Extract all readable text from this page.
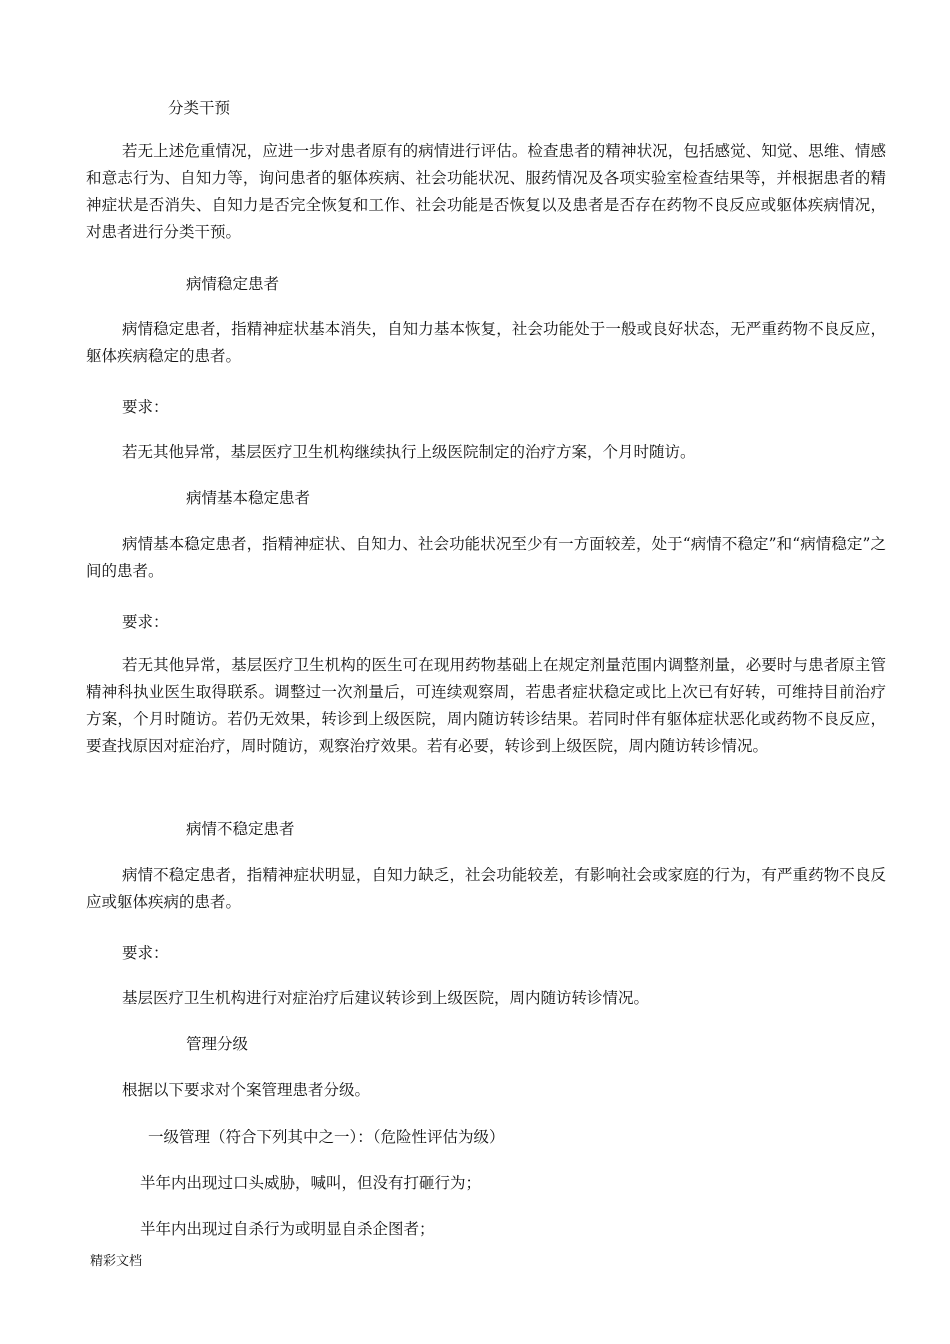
分类干预
若无上述危重情况，应进一步对患者原有的病情进行评估。检查患者的精神状况，包括感觉、知觉、思维、情感和意志行为、自知力等，询问患者的躯体疾病、社会功能状况、服药情况及各项实验室检查结果等，并根据患者的精神症状是否消失、自知力是否完全恢复和工作、社会功能是否恢复以及患者是否存在药物不良反应或躯体疾病情况，对患者进行分类干预。
病情稳定患者
病情稳定患者，指精神症状基本消失，自知力基本恢复，社会功能处于一般或良好状态，无严重药物不良反应，躯体疾病稳定的患者。
要求：
若无其他异常，基层医疗卫生机构继续执行上级医院制定的治疗方案，个月时随访。
病情基本稳定患者
病情基本稳定患者，指精神症状、自知力、社会功能状况至少有一方面较差，处于“病情不稳定”和“病情稳定”之间的患者。
要求：
若无其他异常，基层医疗卫生机构的医生可在现用药物基础上在规定剂量范围内调整剂量，必要时与患者原主管精神科执业医生取得联系。调整过一次剂量后，可连续观察周，若患者症状稳定或比上次已有好转，可维持目前治疗方案，个月时随访。若仍无效果，转诊到上级医院，周内随访转诊结果。若同时伴有躯体症状恶化或药物不良反应，要查找原因对症治疗，周时随访，观察治疗效果。若有必要，转诊到上级医院，周内随访转诊情况。
病情不稳定患者
病情不稳定患者，指精神症状明显，自知力缺乏，社会功能较差，有影响社会或家庭的行为，有严重药物不良反应或躯体疾病的患者。
要求：
基层医疗卫生机构进行对症治疗后建议转诊到上级医院，周内随访转诊情况。
管理分级
根据以下要求对个案管理患者分级。
一级管理（符合下列其中之一）：（危险性评估为级）
半年内出现过口头威胁，喊叫，但没有打砸行为；
半年内出现过自杀行为或明显自杀企图者；
精彩文档
